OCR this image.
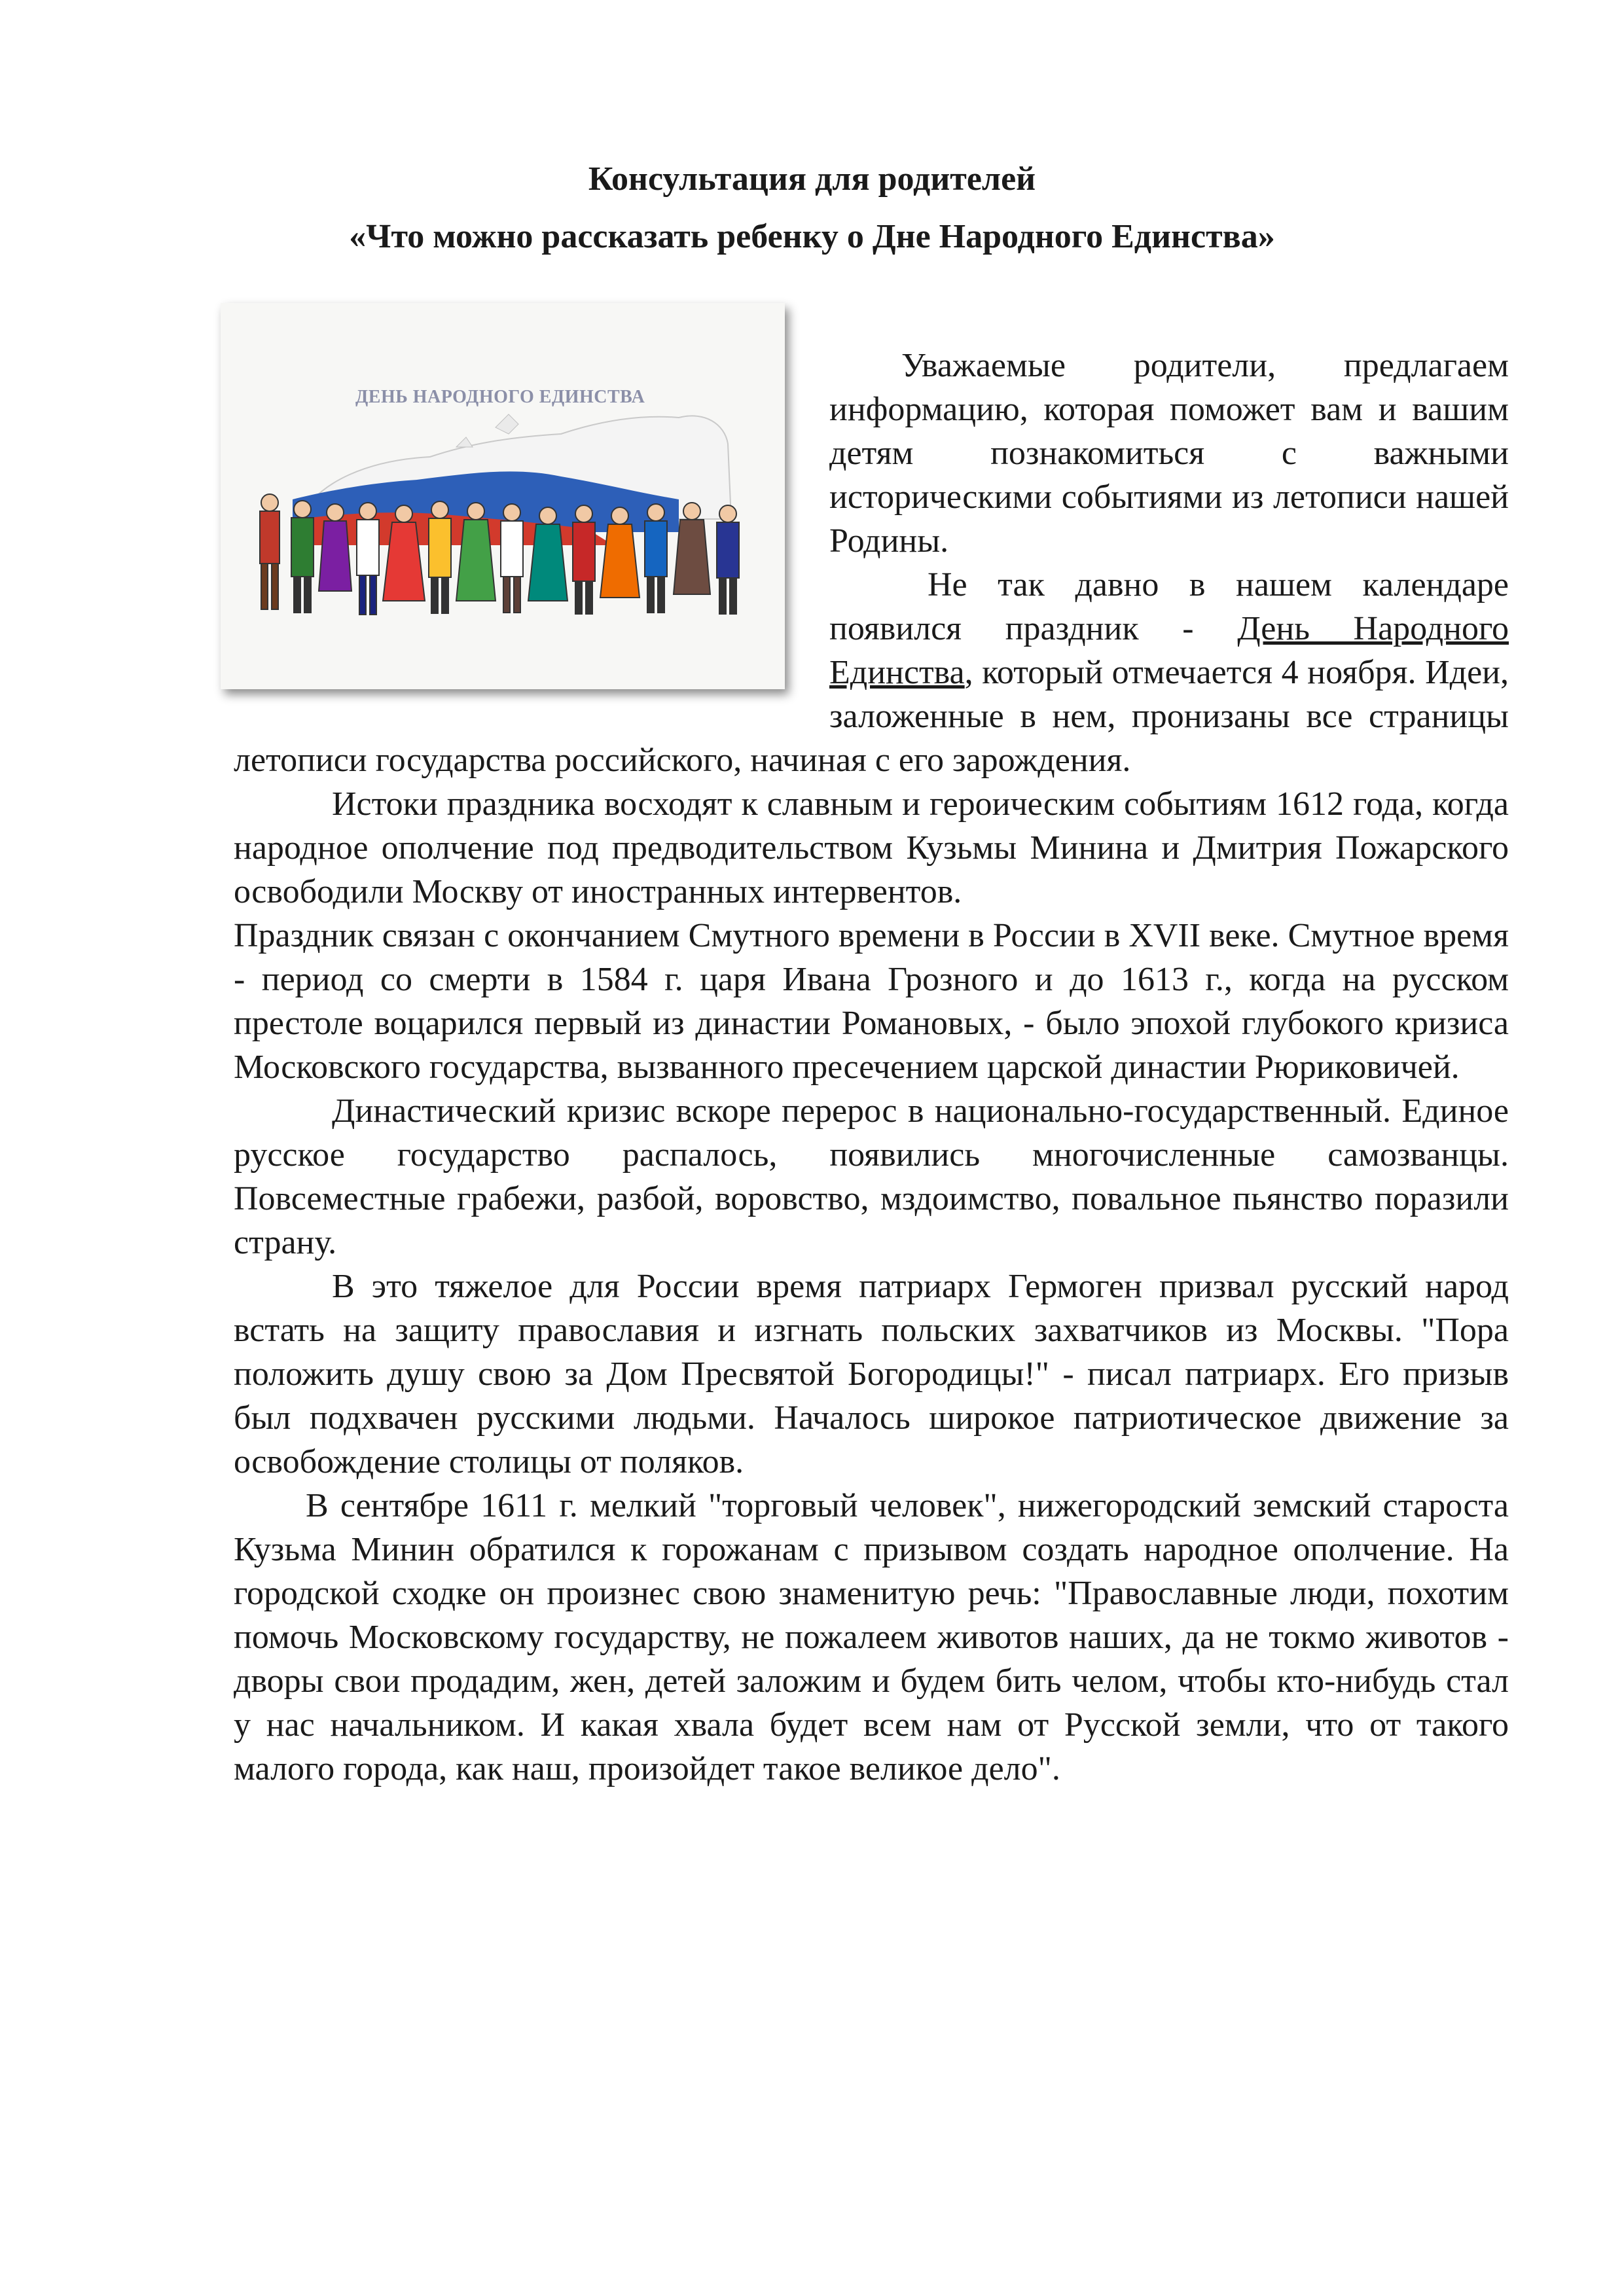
Консультация для родителей
«Что можно рассказать ребенку о Дне Народного Единства»
ДЕНЬ НАРОДНОГО ЕДИНСТВА

Уважаемые родители, предлагаем информацию, которая поможет вам и вашим детям познакомиться с важными историческими событиями из летописи нашей Родины.

Не так давно в нашем календаре появился праздник - День Народного Единства, который отмечается 4 ноября. Идеи, заложенные в нем, пронизаны все страницы летописи государства российского, начиная с его зарождения.

Истоки праздника восходят к славным и героическим событиям 1612 года, когда народное ополчение под предводительством Кузьмы Минина и Дмитрия Пожарского освободили Москву от иностранных интервентов.

Праздник связан с окончанием Смутного времени в России в XVII веке. Смутное время - период со смерти в 1584 г. царя Ивана Грозного и до 1613 г., когда на русском престоле воцарился первый из династии Романовых, - было эпохой глубокого кризиса Московского государства, вызванного пресечением царской династии Рюриковичей.

Династический кризис вскоре перерос в национально-государственный. Единое русское государство распалось, появились многочисленные самозванцы. Повсеместные грабежи, разбой, воровство, мздоимство, повальное пьянство поразили страну.

В это тяжелое для России время патриарх Гермоген призвал русский народ встать на защиту православия и изгнать польских захватчиков из Москвы. "Пора положить душу свою за Дом Пресвятой Богородицы!" - писал патриарх. Его призыв был подхвачен русскими людьми. Началось широкое патриотическое движение за освобождение столицы от поляков.

В сентябре 1611 г. мелкий "торговый человек", нижегородский земский староста Кузьма Минин обратился к горожанам с призывом создать народное ополчение. На городской сходке он произнес свою знаменитую речь: "Православные люди, похотим помочь Московскому государству, не пожалеем животов наших, да не токмо животов - дворы свои продадим, жен, детей заложим и будем бить челом, чтобы кто-нибудь стал у нас начальником. И какая хвала будет всем нам от Русской земли, что от такого малого города, как наш, произойдет такое великое дело".
